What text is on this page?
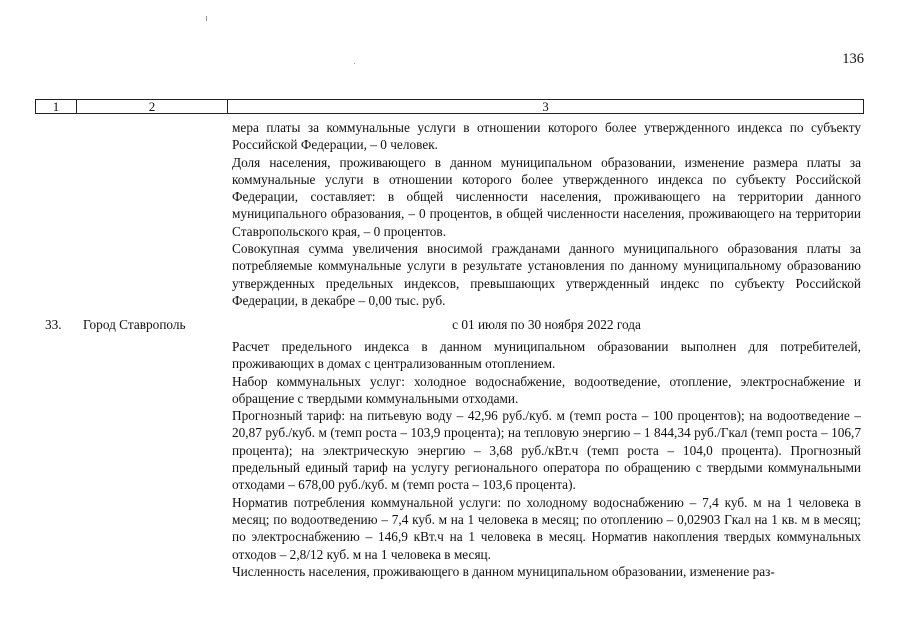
136
1	2	3

мера платы за коммунальные услуги в отношении которого более утвержденного индекса по субъекту Российской Федерации, – 0 человек.

Доля населения, проживающего в данном муниципальном образовании, изменение размера платы за коммунальные услуги в отношении которого более утвержденного индекса по субъекту Российской Федерации, составляет: в общей численности населения, проживающего на территории данного муниципального образования, – 0 процентов, в общей численности населения, проживающего на территории Ставропольского края, – 0 процентов.

Совокупная сумма увеличения вносимой гражданами данного муниципального образования платы за потребляемые коммунальные услуги в результате установления по данному муниципальному образованию утвержденных предельных индексов, превышающих утвержденный индекс по субъекту Российской Федерации, в декабре – 0,00 тыс. руб.

33. Город Ставрополь	с 01 июля по 30 ноября 2022 года

Расчет предельного индекса в данном муниципальном образовании выполнен для потребителей, проживающих в домах с централизованным отоплением.

Набор коммунальных услуг: холодное водоснабжение, водоотведение, отопление, электроснабжение и обращение с твердыми коммунальными отходами.

Прогнозный тариф: на питьевую воду – 42,96 руб./куб. м (темп роста – 100 процентов); на водоотведение – 20,87 руб./куб. м (темп роста – 103,9 процента); на тепловую энергию – 1 844,34 руб./Гкал (темп роста – 106,7 процента); на электрическую энергию – 3,68 руб./кВт.ч (темп роста – 104,0 процента). Прогнозный предельный единый тариф на услугу регионального оператора по обращению с твердыми коммунальными отходами – 678,00 руб./куб. м (темп роста – 103,6 процента).

Норматив потребления коммунальной услуги: по холодному водоснабжению – 7,4 куб. м на 1 человека в месяц; по водоотведению – 7,4 куб. м на 1 человека в месяц; по отоплению – 0,02903 Гкал на 1 кв. м в месяц; по электроснабжению – 146,9 кВт.ч на 1 человека в месяц. Норматив накопления твердых коммунальных отходов – 2,8/12 куб. м на 1 человека в месяц.

Численность населения, проживающего в данном муниципальном образовании, изменение раз-
